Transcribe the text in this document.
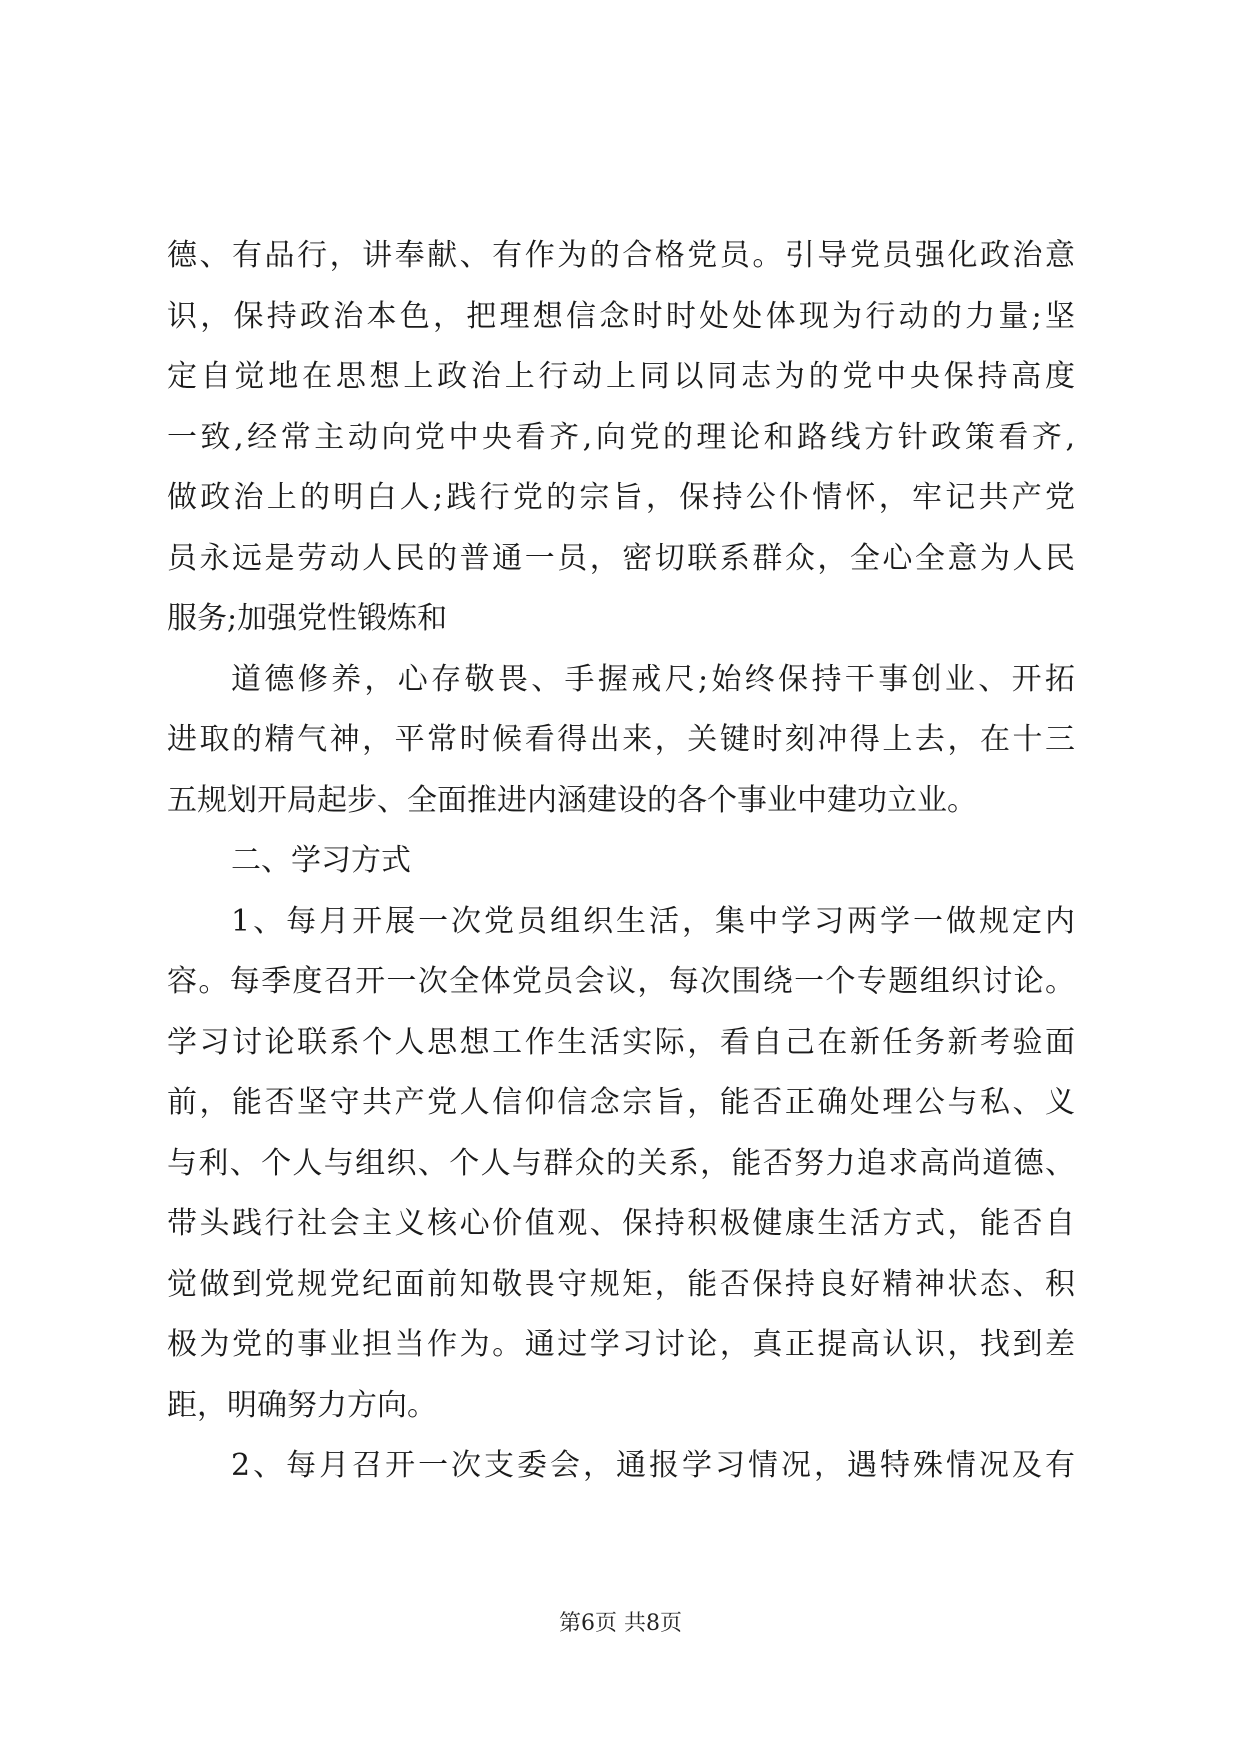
德、有品行，讲奉献、有作为的合格党员。引导党员强化政治意
识，保持政治本色，把理想信念时时处处体现为行动的力量;坚
定自觉地在思想上政治上行动上同以同志为的党中央保持高度
一致,经常主动向党中央看齐,向党的理论和路线方针政策看齐,
做政治上的明白人;践行党的宗旨，保持公仆情怀，牢记共产党
员永远是劳动人民的普通一员，密切联系群众，全心全意为人民
服务;加强党性锻炼和
道德修养，心存敬畏、手握戒尺;始终保持干事创业、开拓
进取的精气神，平常时候看得出来，关键时刻冲得上去，在十三
五规划开局起步、全面推进内涵建设的各个事业中建功立业。
二、学习方式
1、每月开展一次党员组织生活，集中学习两学一做规定内
容。每季度召开一次全体党员会议，每次围绕一个专题组织讨论。
学习讨论联系个人思想工作生活实际，看自己在新任务新考验面
前，能否坚守共产党人信仰信念宗旨，能否正确处理公与私、义
与利、个人与组织、个人与群众的关系，能否努力追求高尚道德、
带头践行社会主义核心价值观、保持积极健康生活方式，能否自
觉做到党规党纪面前知敬畏守规矩，能否保持良好精神状态、积
极为党的事业担当作为。通过学习讨论，真正提高认识，找到差
距，明确努力方向。
2、每月召开一次支委会，通报学习情况，遇特殊情况及有
第6页 共8页
